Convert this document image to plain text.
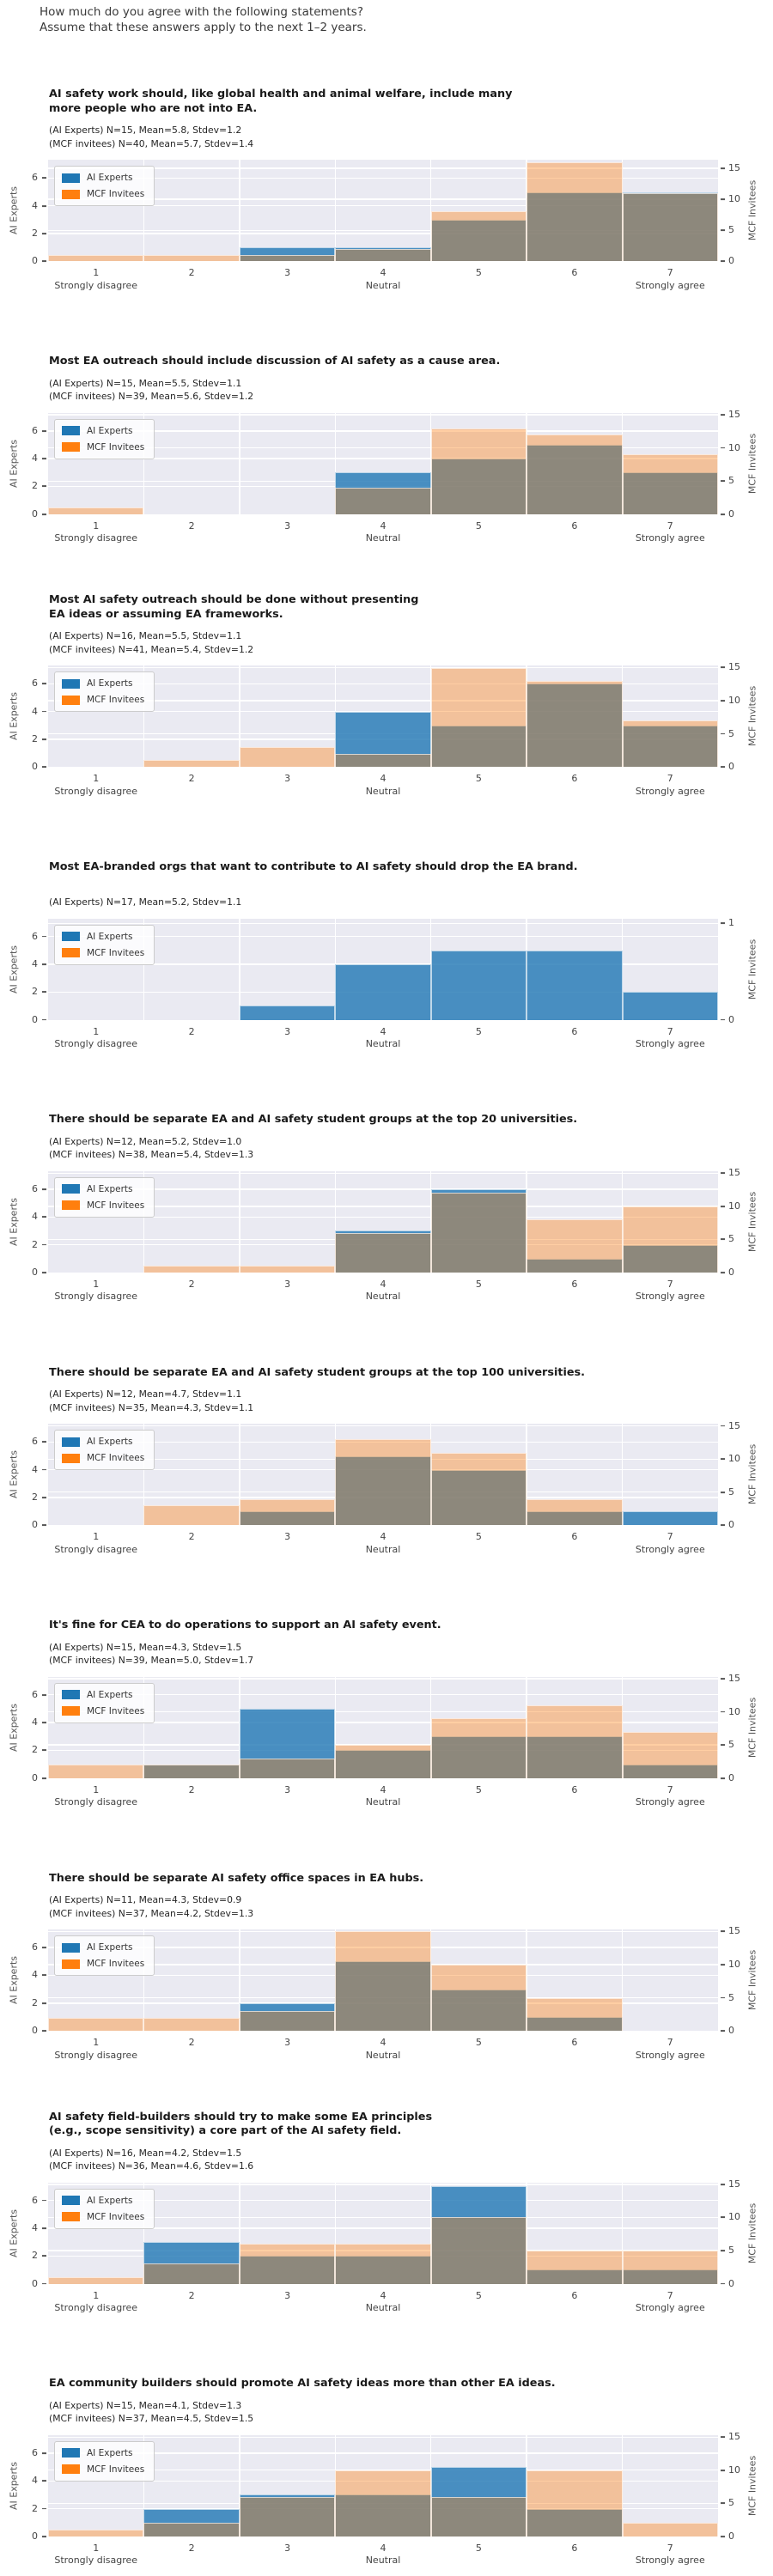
How much do you agree with the following statements?
Assume that these answers apply to the next 1–2 years.
AI safety work should, like global health and animal welfare, include many
more people who are not into EA.
(AI Experts) N=15, Mean=5.8, Stdev=1.2
(MCF invitees) N=40, Mean=5.7, Stdev=1.4
AI Experts	MCF Invitees
AI Experts
MCF Invitees
0
2
4
6
0
5
10
15
1
Strongly disagree
2	3	4
Neutral
5	6	7
Strongly agree
Most EA outreach should include discussion of AI safety as a cause area.
(AI Experts) N=15, Mean=5.5, Stdev=1.1
(MCF invitees) N=39, Mean=5.6, Stdev=1.2
AI Experts	MCF Invitees
AI Experts
MCF Invitees
0
2
4
6
0
5
10
15
1
Strongly disagree
2	3	4
Neutral
5	6	7
Strongly agree
Most AI safety outreach should be done without presenting
EA ideas or assuming EA frameworks.
(AI Experts) N=16, Mean=5.5, Stdev=1.1
(MCF invitees) N=41, Mean=5.4, Stdev=1.2
AI Experts	MCF Invitees
AI Experts
MCF Invitees
0
2
4
6
0
5
10
15
1
Strongly disagree
2	3	4
Neutral
5	6	7
Strongly agree
Most EA-branded orgs that want to contribute to AI safety should drop the EA brand.
(AI Experts) N=17, Mean=5.2, Stdev=1.1
AI Experts	MCF Invitees
AI Experts
MCF Invitees
0
2
4
6
0
1
1
Strongly disagree
2	3	4
Neutral
5	6	7
Strongly agree
There should be separate EA and AI safety student groups at the top 20 universities.
(AI Experts) N=12, Mean=5.2, Stdev=1.0
(MCF invitees) N=38, Mean=5.4, Stdev=1.3
AI Experts	MCF Invitees
AI Experts
MCF Invitees
0
2
4
6
0
5
10
15
1
Strongly disagree
2	3	4
Neutral
5	6	7
Strongly agree
There should be separate EA and AI safety student groups at the top 100 universities.
(AI Experts) N=12, Mean=4.7, Stdev=1.1
(MCF invitees) N=35, Mean=4.3, Stdev=1.1
AI Experts	MCF Invitees
AI Experts
MCF Invitees
0
2
4
6
0
5
10
15
1
Strongly disagree
2	3	4
Neutral
5	6	7
Strongly agree
It's fine for CEA to do operations to support an AI safety event.
(AI Experts) N=15, Mean=4.3, Stdev=1.5
(MCF invitees) N=39, Mean=5.0, Stdev=1.7
AI Experts	MCF Invitees
AI Experts
MCF Invitees
0
2
4
6
0
5
10
15
1
Strongly disagree
2	3	4
Neutral
5	6	7
Strongly agree
There should be separate AI safety office spaces in EA hubs.
(AI Experts) N=11, Mean=4.3, Stdev=0.9
(MCF invitees) N=37, Mean=4.2, Stdev=1.3
AI Experts	MCF Invitees
AI Experts
MCF Invitees
0
2
4
6
0
5
10
15
1
Strongly disagree
2	3	4
Neutral
5	6	7
Strongly agree
AI safety field-builders should try to make some EA principles
(e.g., scope sensitivity) a core part of the AI safety field.
(AI Experts) N=16, Mean=4.2, Stdev=1.5
(MCF invitees) N=36, Mean=4.6, Stdev=1.6
AI Experts	MCF Invitees
AI Experts
MCF Invitees
0
2
4
6
0
5
10
15
1
Strongly disagree
2	3	4
Neutral
5	6	7
Strongly agree
EA community builders should promote AI safety ideas more than other EA ideas.
(AI Experts) N=15, Mean=4.1, Stdev=1.3
(MCF invitees) N=37, Mean=4.5, Stdev=1.5
AI Experts	MCF Invitees
AI Experts
MCF Invitees
0
2
4
6
0
5
10
15
1
Strongly disagree
2	3	4
Neutral
5	6	7
Strongly agree
